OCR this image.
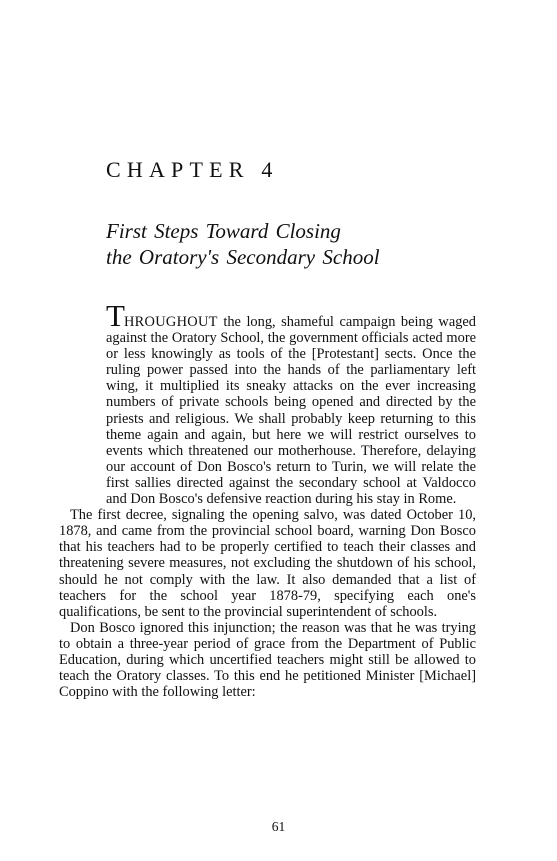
CHAPTER 4
First Steps Toward Closing
the Oratory's Secondary School

THROUGHOUT the long, shameful campaign being waged against the Oratory School, the government officials acted more or less knowingly as tools of the [Protestant] sects. Once the ruling power passed into the hands of the parliamentary left wing, it multiplied its sneaky attacks on the ever increasing numbers of private schools being opened and directed by the priests and religious. We shall probably keep returning to this theme again and again, but here we will restrict ourselves to events which threatened our motherhouse. Therefore, delaying our account of Don Bosco's return to Turin, we will relate the first sallies directed against the secondary school at Valdocco and Don Bosco's defensive reaction during his stay in Rome.

The first decree, signaling the opening salvo, was dated October 10, 1878, and came from the provincial school board, warning Don Bosco that his teachers had to be properly certified to teach their classes and threatening severe measures, not excluding the shutdown of his school, should he not comply with the law. It also demanded that a list of teachers for the school year 1878-79, specifying each one's qualifications, be sent to the provincial superintendent of schools.

Don Bosco ignored this injunction; the reason was that he was trying to obtain a three-year period of grace from the Department of Public Education, during which uncertified teachers might still be allowed to teach the Oratory classes. To this end he petitioned Minister [Michael] Coppino with the following letter:

61
